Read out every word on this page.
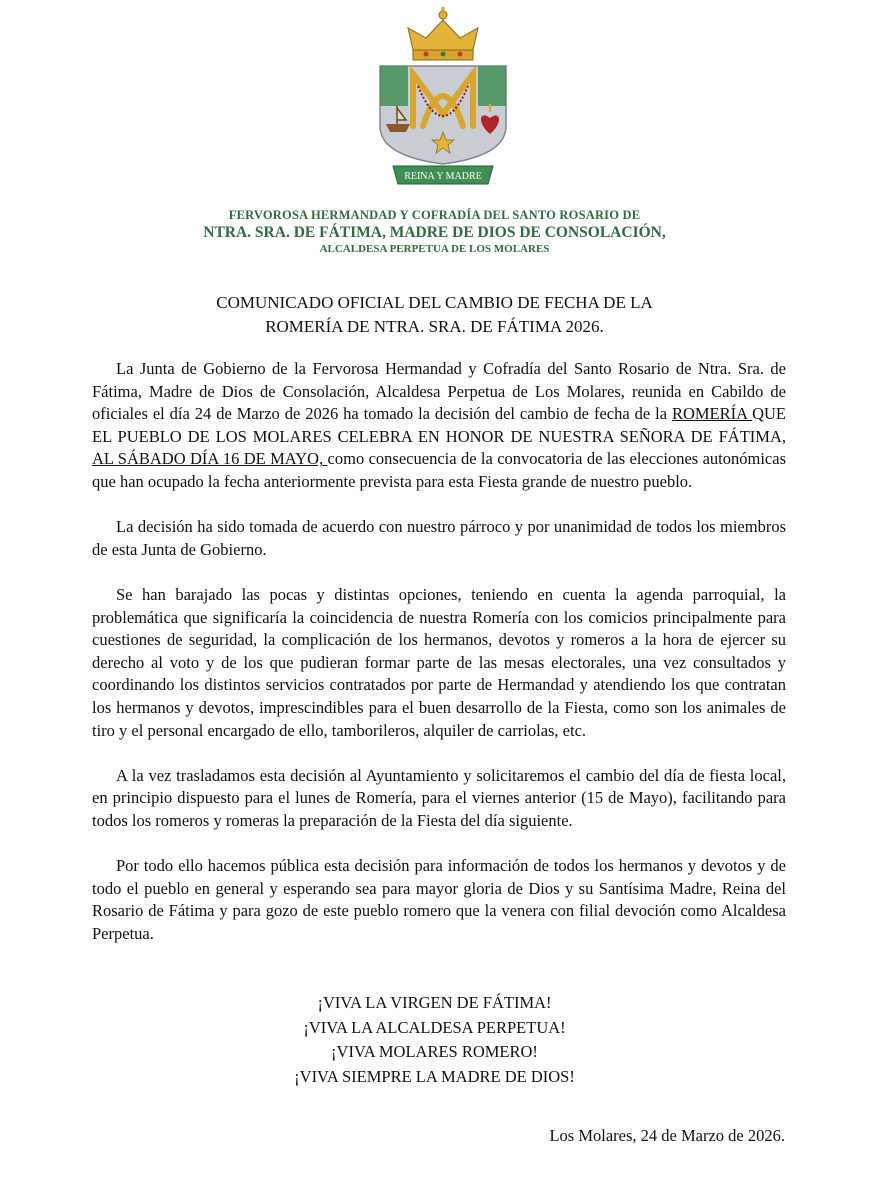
REINA Y MADRE
FERVOROSA HERMANDAD Y COFRADÍA DEL SANTO ROSARIO DE
NTRA. SRA. DE FÁTIMA, MADRE DE DIOS DE CONSOLACIÓN,
ALCALDESA PERPETUA DE LOS MOLARES
COMUNICADO OFICIAL DEL CAMBIO DE FECHA DE LA
ROMERÍA DE NTRA. SRA. DE FÁTIMA 2026.

La Junta de Gobierno de la Fervorosa Hermandad y Cofradía del Santo Rosario de Ntra. Sra. de Fátima, Madre de Dios de Consolación, Alcaldesa Perpetua de Los Molares, reunida en Cabildo de oficiales el día 24 de Marzo de 2026 ha tomado la decisión del cambio de fecha de la ROMERÍA QUE EL PUEBLO DE LOS MOLARES CELEBRA EN HONOR DE NUESTRA SEÑORA DE FÁTIMA, AL SÁBADO DÍA 16 DE MAYO, como consecuencia de la convocatoria de las elecciones autonómicas que han ocupado la fecha anteriormente prevista para esta Fiesta grande de nuestro pueblo.

La decisión ha sido tomada de acuerdo con nuestro párroco y por unanimidad de todos los miembros de esta Junta de Gobierno.

Se han barajado las pocas y distintas opciones, teniendo en cuenta la agenda parroquial, la problemática que significaría la coincidencia de nuestra Romería con los comicios principalmente para cuestiones de seguridad, la complicación de los hermanos, devotos y romeros a la hora de ejercer su derecho al voto y de los que pudieran formar parte de las mesas electorales, una vez consultados y coordinando los distintos servicios contratados por parte de Hermandad y atendiendo los que contratan los hermanos y devotos, imprescindibles para el buen desarrollo de la Fiesta, como son los animales de tiro y el personal encargado de ello, tamborileros, alquiler de carriolas, etc.

A la vez trasladamos esta decisión al Ayuntamiento y solicitaremos el cambio del día de fiesta local, en principio dispuesto para el lunes de Romería, para el viernes anterior (15 de Mayo), facilitando para todos los romeros y romeras la preparación de la Fiesta del día siguiente.

Por todo ello hacemos pública esta decisión para información de todos los hermanos y devotos y de todo el pueblo en general y esperando sea para mayor gloria de Dios y su Santísima Madre, Reina del Rosario de Fátima y para gozo de este pueblo romero que la venera con filial devoción como Alcaldesa Perpetua.

¡VIVA LA VIRGEN DE FÁTIMA!
¡VIVA LA ALCALDESA PERPETUA!
¡VIVA MOLARES ROMERO!
¡VIVA SIEMPRE LA MADRE DE DIOS!
Los Molares, 24 de Marzo de 2026.
